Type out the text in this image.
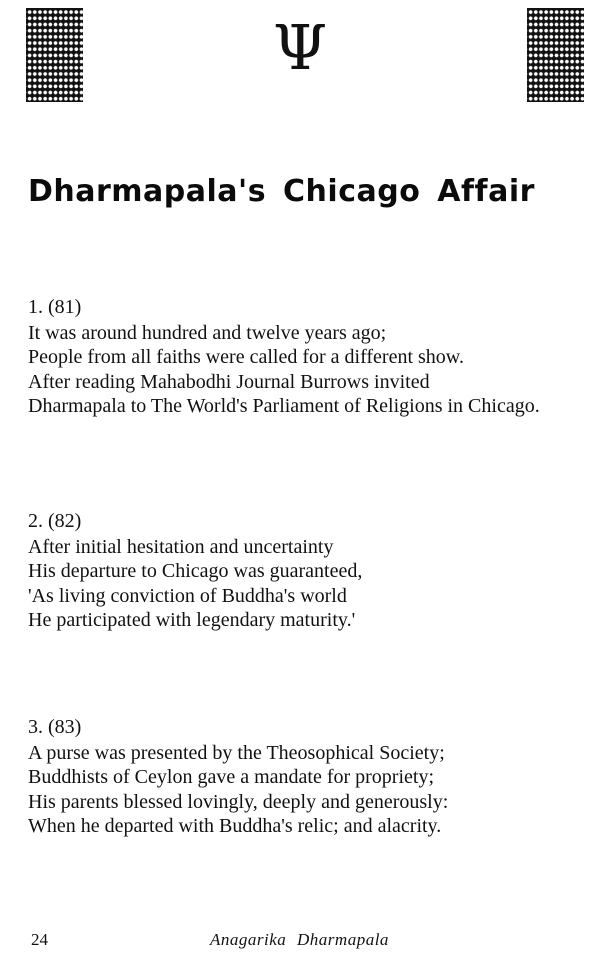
Ψ
Dharmapala's Chicago Affair
1. (81)
It was around hundred and twelve years ago;
People from all faiths were called for a different show.
After reading Mahabodhi Journal Burrows invited
Dharmapala to The World's Parliament of Religions in Chicago.
2. (82)
After initial hesitation and uncertainty
His departure to Chicago was guaranteed,
'As living conviction of Buddha's world
He participated with legendary maturity.'
3. (83)
A purse was presented by the Theosophical Society;
Buddhists of Ceylon gave a mandate for propriety;
His parents blessed lovingly, deeply and generously:
When he departed with Buddha's relic; and alacrity.
24	Anagarika Dharmapala
